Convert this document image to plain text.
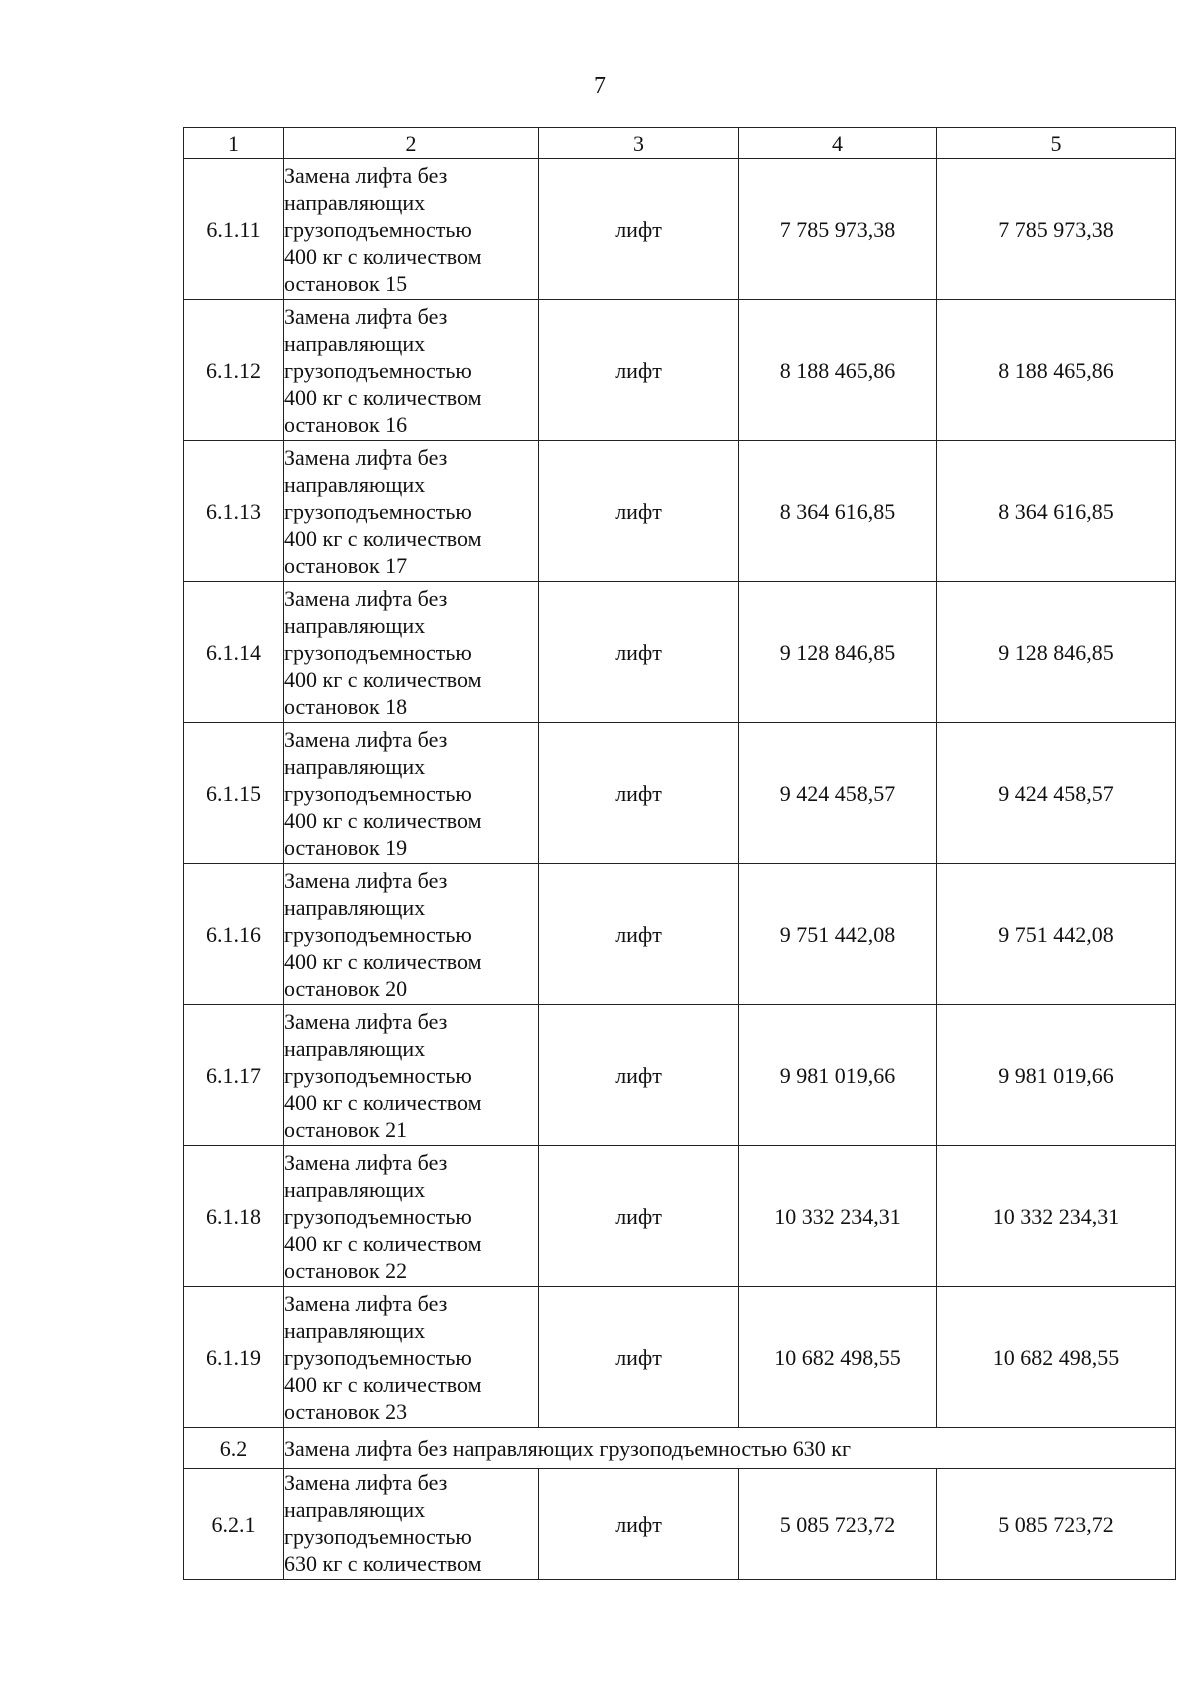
7
1	2	3	4	5
6.1.11	Замена лифта без
направляющих
грузоподъемностью
400 кг с количеством
остановок 15	лифт	7 785 973,38	7 785 973,38
6.1.12	Замена лифта без
направляющих
грузоподъемностью
400 кг с количеством
остановок 16	лифт	8 188 465,86	8 188 465,86
6.1.13	Замена лифта без
направляющих
грузоподъемностью
400 кг с количеством
остановок 17	лифт	8 364 616,85	8 364 616,85
6.1.14	Замена лифта без
направляющих
грузоподъемностью
400 кг с количеством
остановок 18	лифт	9 128 846,85	9 128 846,85
6.1.15	Замена лифта без
направляющих
грузоподъемностью
400 кг с количеством
остановок 19	лифт	9 424 458,57	9 424 458,57
6.1.16	Замена лифта без
направляющих
грузоподъемностью
400 кг с количеством
остановок 20	лифт	9 751 442,08	9 751 442,08
6.1.17	Замена лифта без
направляющих
грузоподъемностью
400 кг с количеством
остановок 21	лифт	9 981 019,66	9 981 019,66
6.1.18	Замена лифта без
направляющих
грузоподъемностью
400 кг с количеством
остановок 22	лифт	10 332 234,31	10 332 234,31
6.1.19	Замена лифта без
направляющих
грузоподъемностью
400 кг с количеством
остановок 23	лифт	10 682 498,55	10 682 498,55
6.2	Замена лифта без направляющих грузоподъемностью 630 кг			
6.2.1	Замена лифта без
направляющих
грузоподъемностью
630 кг с количеством	лифт	5 085 723,72	5 085 723,72
